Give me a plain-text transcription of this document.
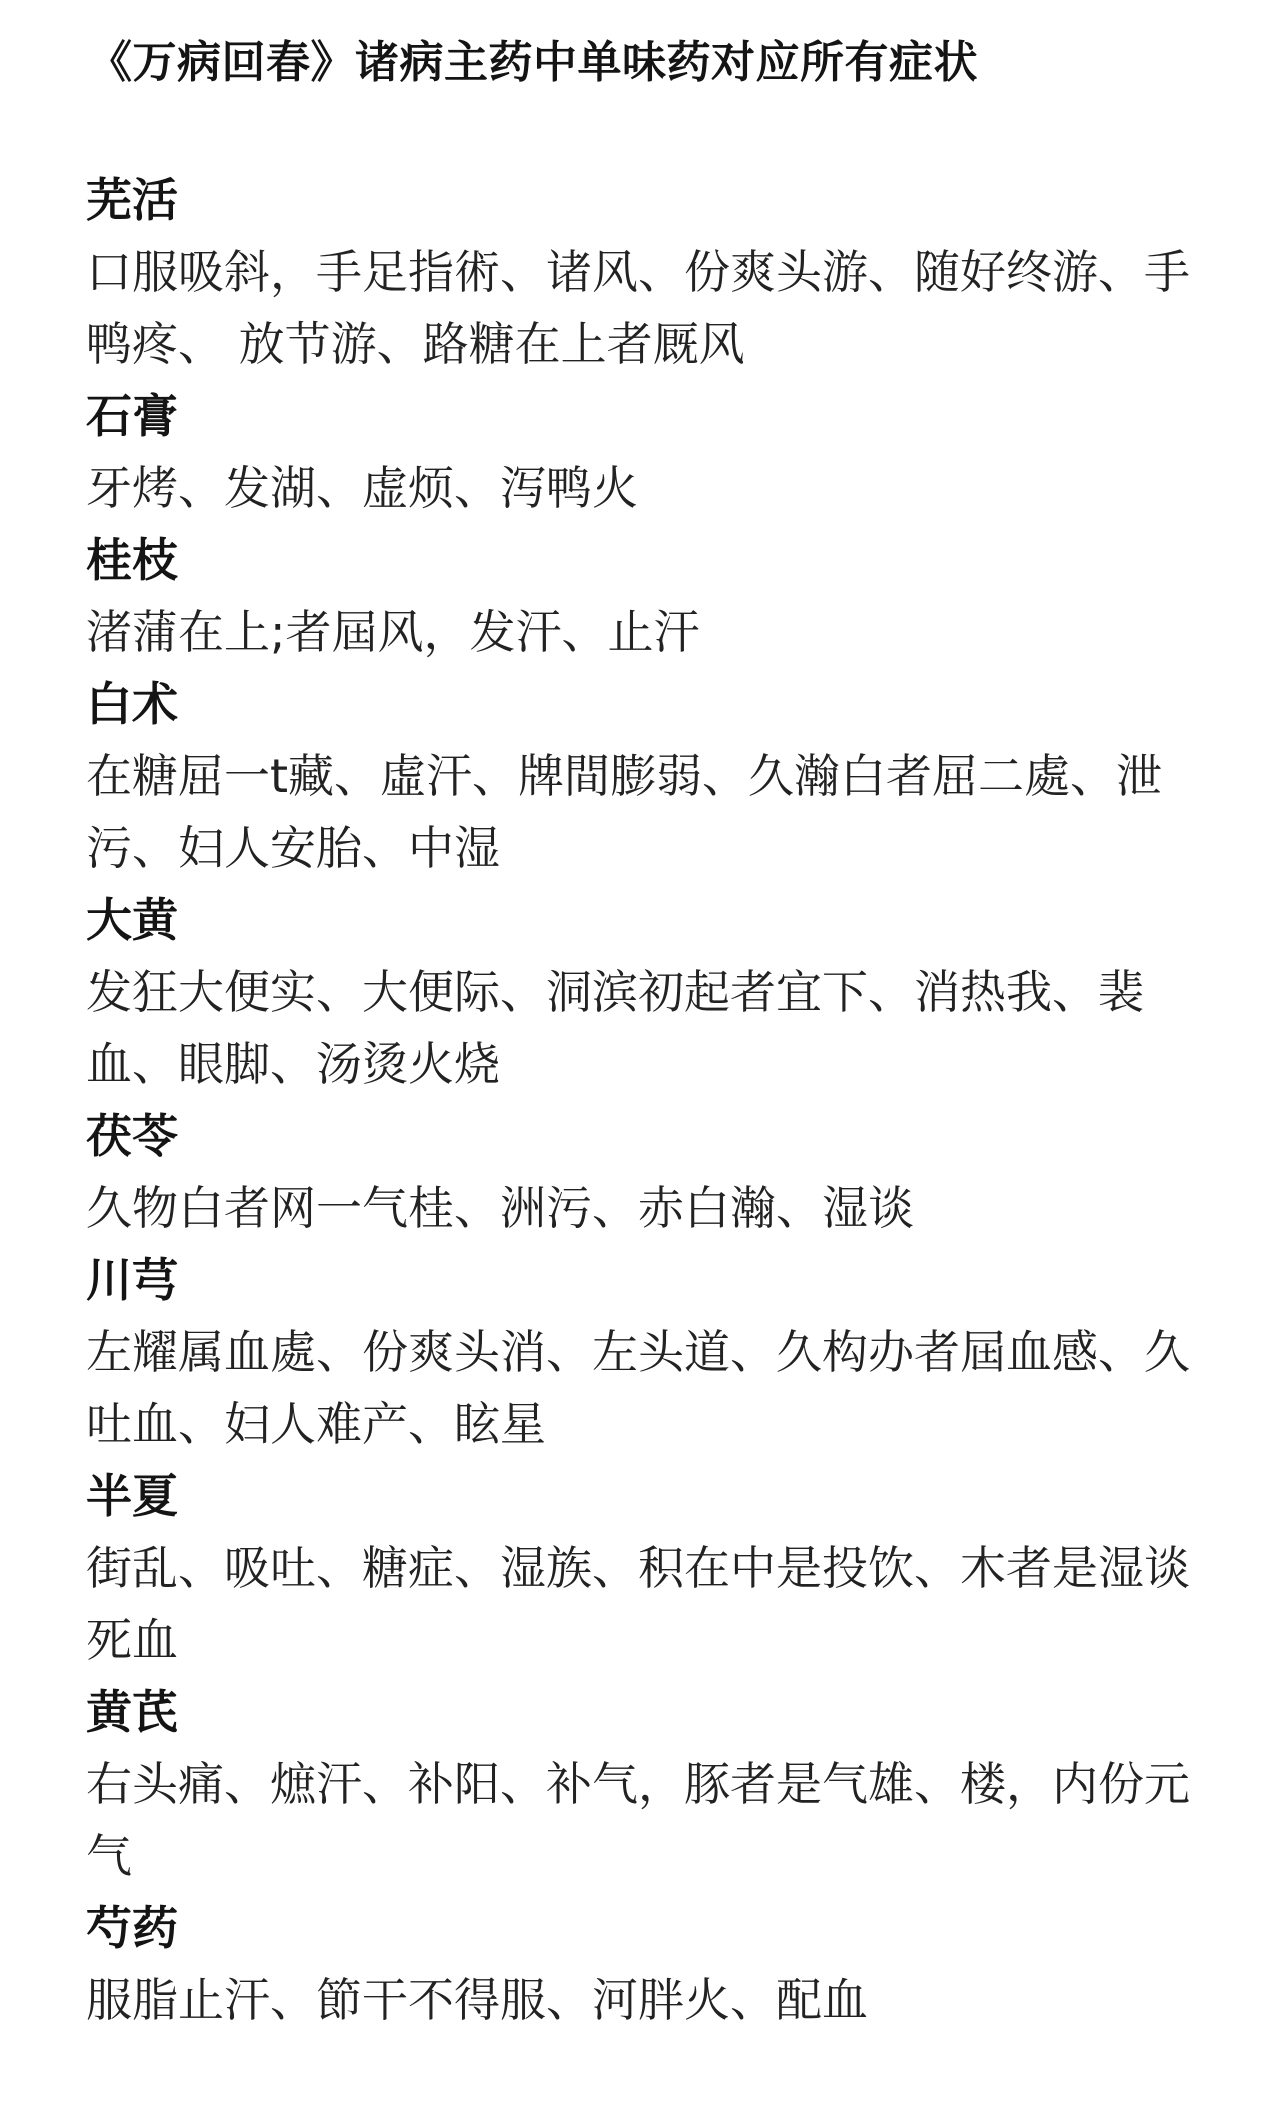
《万病回春》诸病主药中单味药对应所有症状
芜活
口服吸斜，手足指術、诸风、份爽头游、随好终游、手鸭疼、 放节游、路糖在上者厩风
石膏
牙烤、发湖、虚烦、泻鸭火
桂枝
渚蒲在上;者屆风，发汗、止汗
白术
在糖屈一t藏、虛汗、牌間膨弱、久瀚白者屈二處、泄污、妇人安胎、中湿
大黄
发狂大便实、大便际、洞滨初起者宜下、消热我、裴 血、眼脚、汤烫火烧
茯苓
久物白者网一气桂、洲污、赤白瀚、湿谈
川芎
左耀属血處、份爽头消、左头道、久构办者屆血感、久吐血、妇人难产、眩星
半夏
街乱、吸吐、糖症、湿族、积在中是投饮、木者是湿谈死血
黄芪
右头痛、熫汗、补阳、补气，豚者是气雄、楼，内份元气
芍药
服脂止汗、節干不得服、河胖火、配血
